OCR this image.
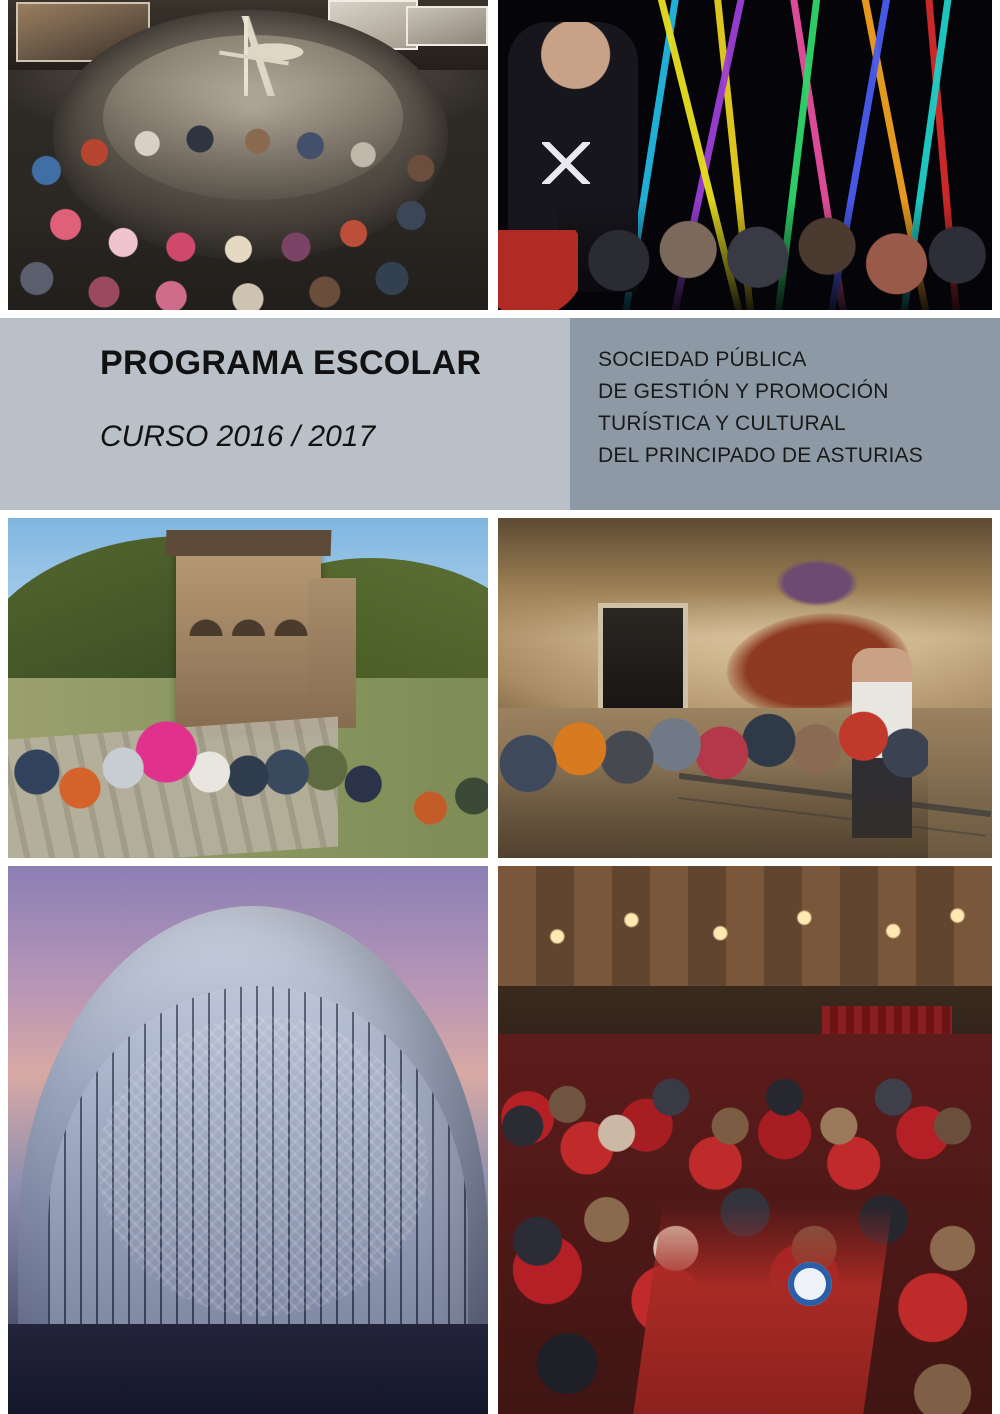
PROGRAMA ESCOLAR
CURSO 2016 / 2017
SOCIEDAD PÚBLICA
DE GESTIÓN Y PROMOCIÓN
TURÍSTICA Y CULTURAL
DEL PRINCIPADO DE ASTURIAS
